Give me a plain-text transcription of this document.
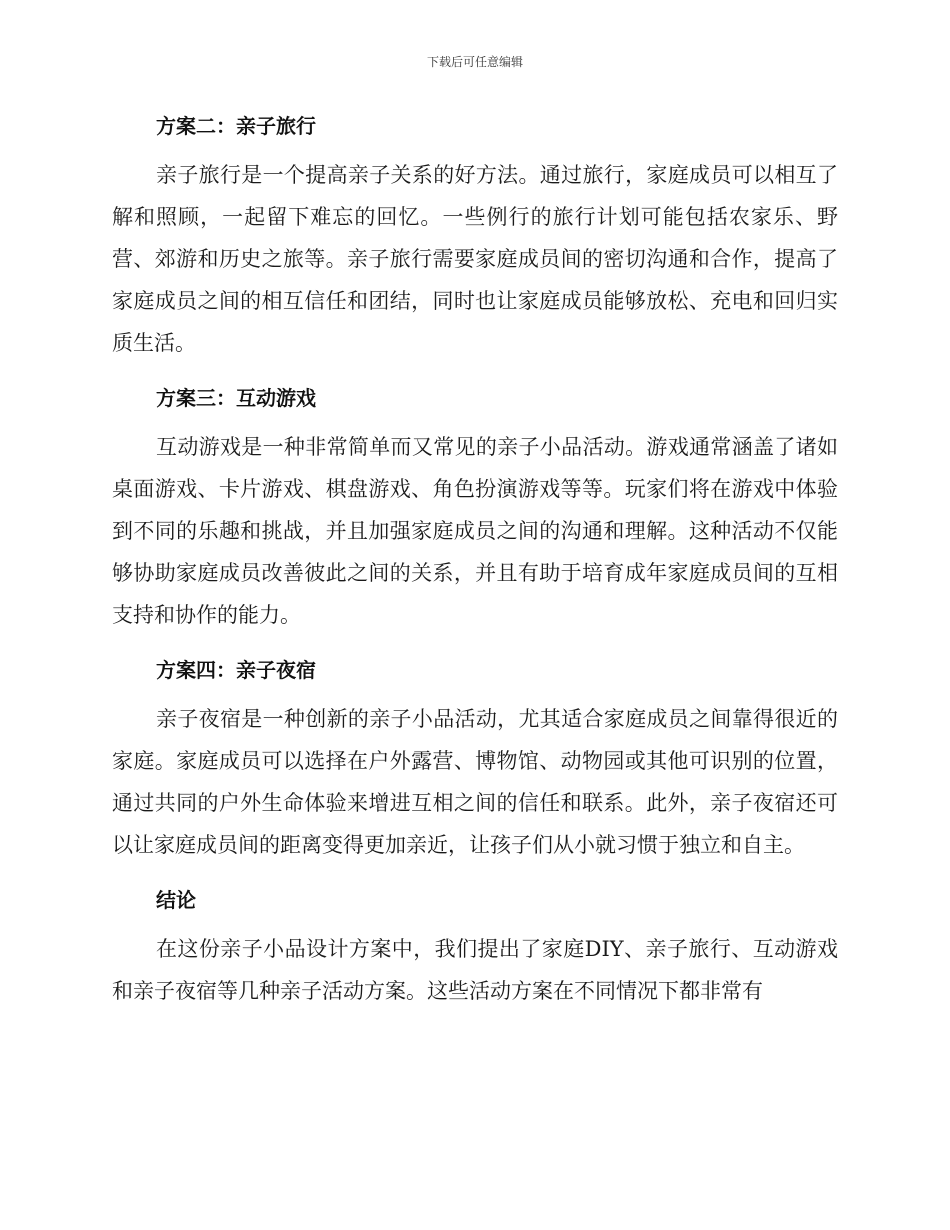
下载后可任意编辑
方案二：亲子旅行

亲子旅行是一个提高亲子关系的好方法。通过旅行，家庭成员可以相互了解和照顾，一起留下难忘的回忆。一些例行的旅行计划可能包括农家乐、野营、郊游和历史之旅等。亲子旅行需要家庭成员间的密切沟通和合作，提高了家庭成员之间的相互信任和团结，同时也让家庭成员能够放松、充电和回归实质生活。

方案三：互动游戏

互动游戏是一种非常简单而又常见的亲子小品活动。游戏通常涵盖了诸如桌面游戏、卡片游戏、棋盘游戏、角色扮演游戏等等。玩家们将在游戏中体验到不同的乐趣和挑战，并且加强家庭成员之间的沟通和理解。这种活动不仅能够协助家庭成员改善彼此之间的关系，并且有助于培育成年家庭成员间的互相支持和协作的能力。

方案四：亲子夜宿

亲子夜宿是一种创新的亲子小品活动，尤其适合家庭成员之间靠得很近的家庭。家庭成员可以选择在户外露营、博物馆、动物园或其他可识别的位置，通过共同的户外生命体验来增进互相之间的信任和联系。此外，亲子夜宿还可以让家庭成员间的距离变得更加亲近，让孩子们从小就习惯于独立和自主。

结论

在这份亲子小品设计方案中，我们提出了家庭DIY、亲子旅行、互动游戏和亲子夜宿等几种亲子活动方案。这些活动方案在不同情况下都非常有
